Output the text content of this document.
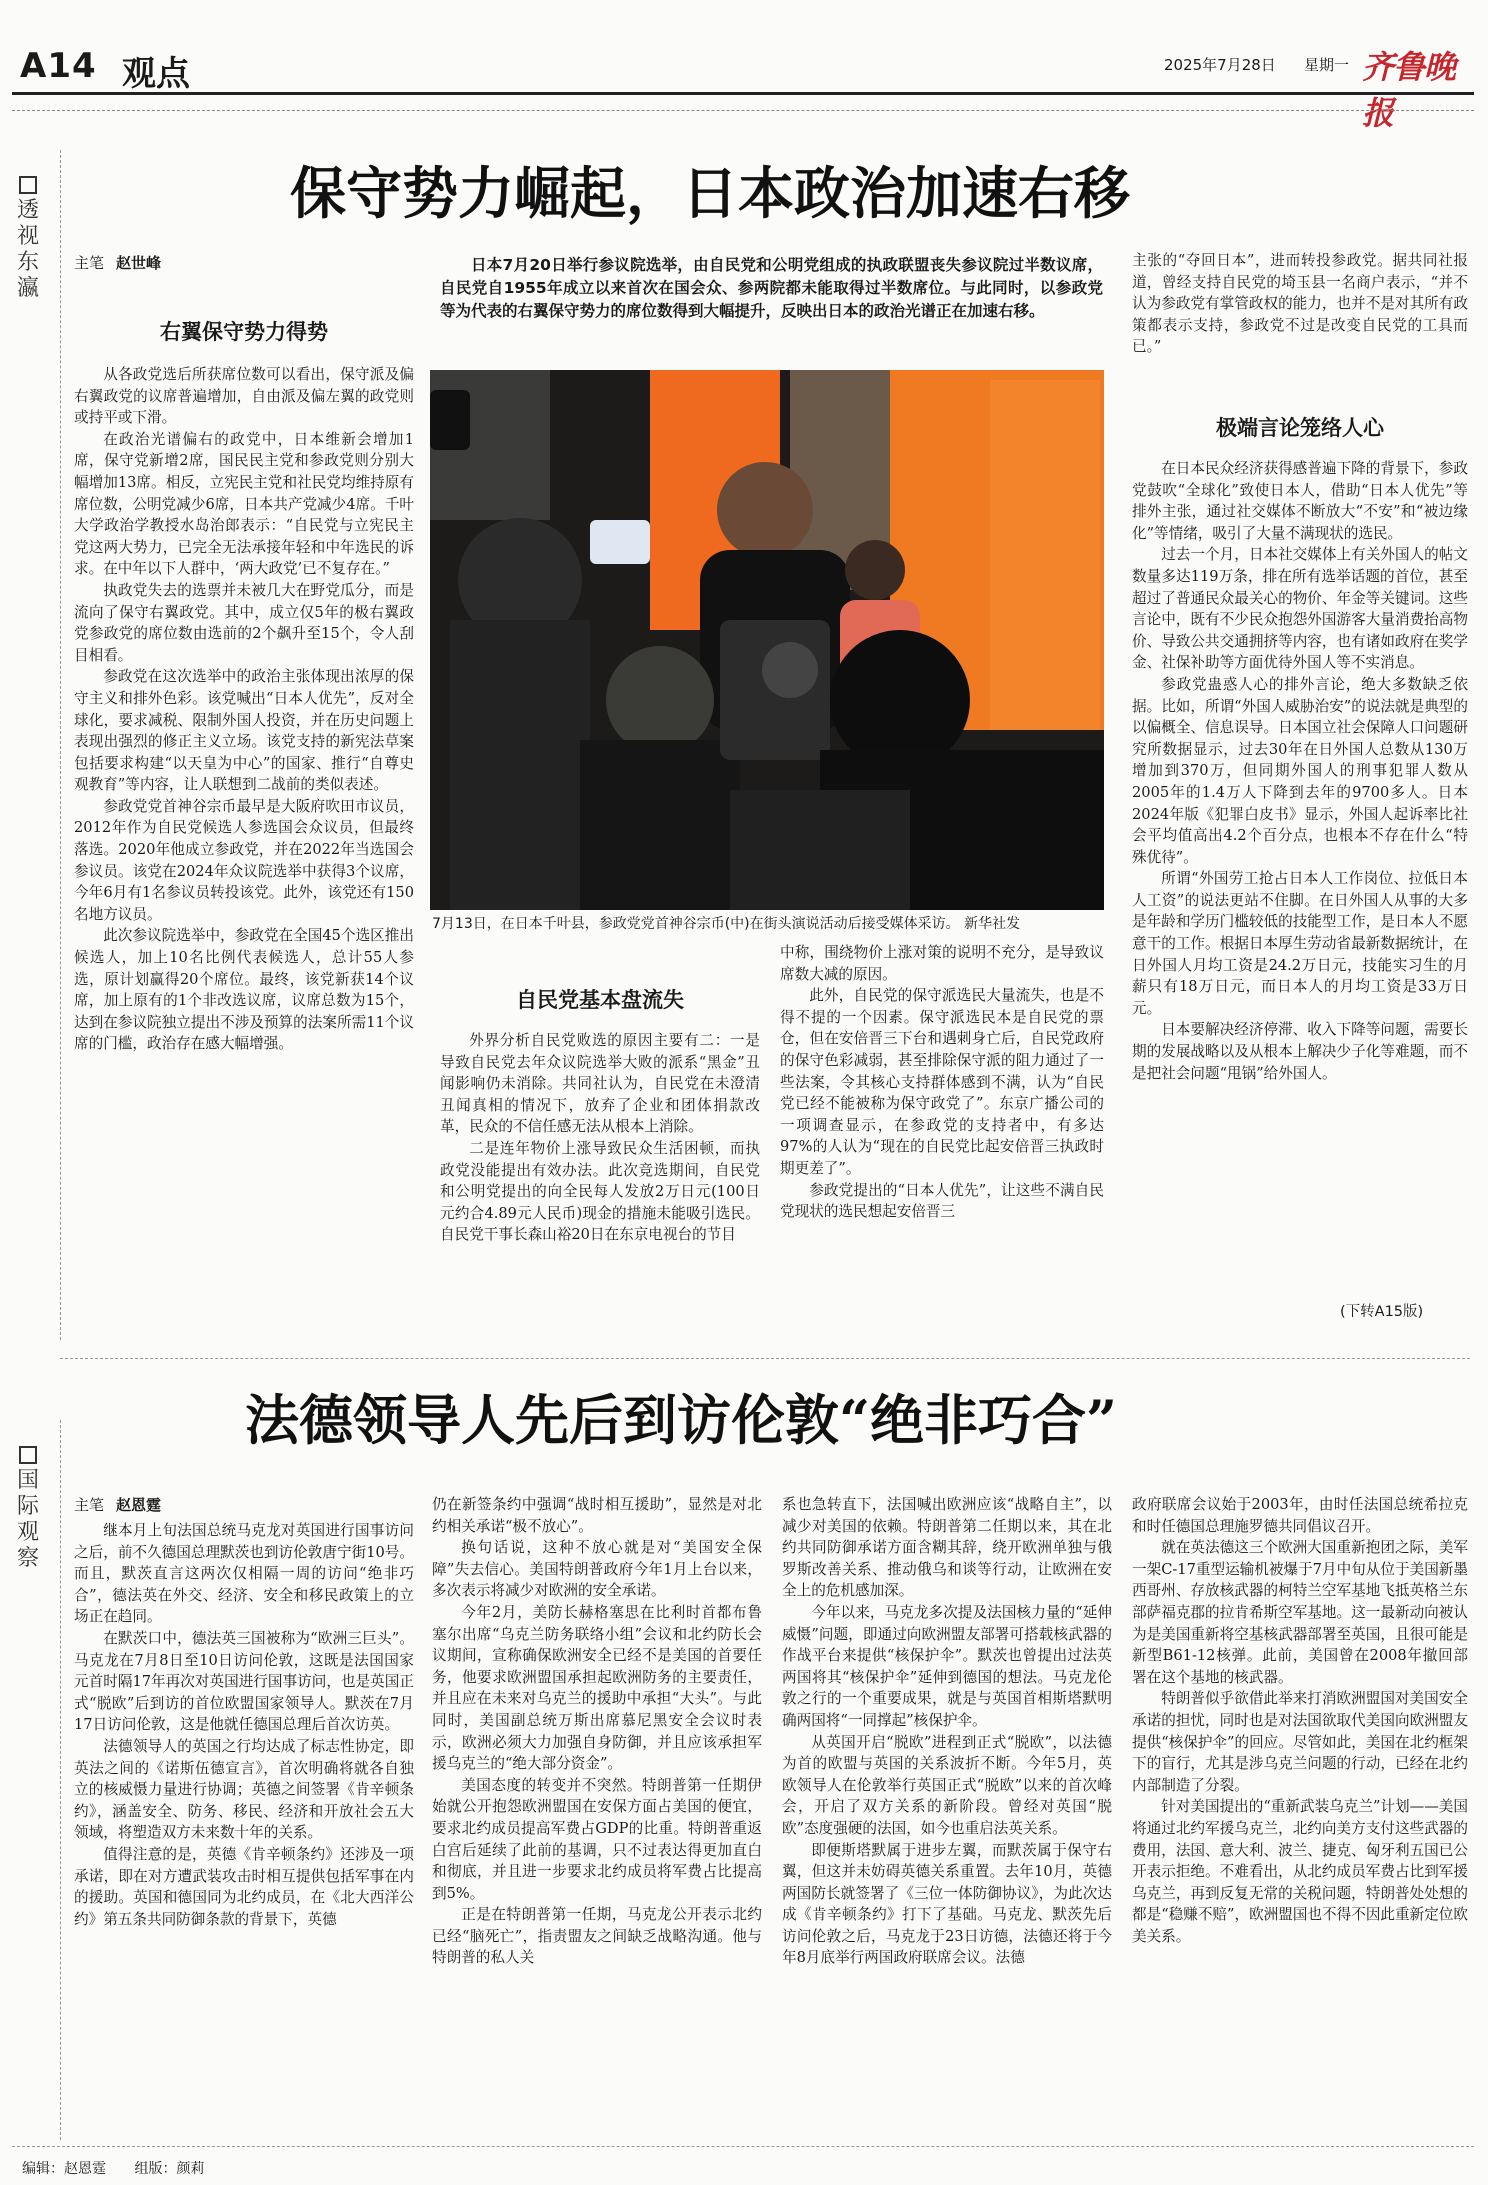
A14 观点	2025年7月28日 星期一 齐鲁晚报
透视东瀛
保守势力崛起，日本政治加速右移
主笔 赵世峰	日本7月20日举行参议院选举，由自民党和公明党组成的执政联盟丧失参议院过半数议席，自民党自1955年成立以来首次在国会众、参两院都未能取得过半数席位。与此同时，以参政党等为代表的右翼保守势力的席位数得到大幅提升，反映出日本的政治光谱正在加速右移。
右翼保守势力得势

从各政党选后所获席位数可以看出，保守派及偏右翼政党的议席普遍增加，自由派及偏左翼的政党则或持平或下滑。

在政治光谱偏右的政党中，日本维新会增加1席，保守党新增2席，国民民主党和参政党则分别大幅增加13席。相反，立宪民主党和社民党均维持原有席位数，公明党减少6席，日本共产党减少4席。千叶大学政治学教授水岛治郎表示：“自民党与立宪民主党这两大势力，已完全无法承接年轻和中年选民的诉求。在中年以下人群中，‘两大政党’已不复存在。”

执政党失去的选票并未被几大在野党瓜分，而是流向了保守右翼政党。其中，成立仅5年的极右翼政党参政党的席位数由选前的2个飙升至15个，令人刮目相看。

参政党在这次选举中的政治主张体现出浓厚的保守主义和排外色彩。该党喊出“日本人优先”，反对全球化，要求减税、限制外国人投资，并在历史问题上表现出强烈的修正主义立场。该党支持的新宪法草案包括要求构建“以天皇为中心”的国家、推行“自尊史观教育”等内容，让人联想到二战前的类似表述。

参政党党首神谷宗币最早是大阪府吹田市议员，2012年作为自民党候选人参选国会众议员，但最终落选。2020年他成立参政党，并在2022年当选国会参议员。该党在2024年众议院选举中获得3个议席，今年6月有1名参议员转投该党。此外，该党还有150名地方议员。

此次参议院选举中，参政党在全国45个选区推出候选人，加上10名比例代表候选人，总计55人参选，原计划赢得20个席位。最终，该党新获14个议席，加上原有的1个非改选议席，议席总数为15个，达到在参议院独立提出不涉及预算的法案所需11个议席的门槛，政治存在感大幅增强。

7月13日，在日本千叶县，参政党党首神谷宗币(中)在街头演说活动后接受媒体采访。 新华社发
自民党基本盘流失

外界分析自民党败选的原因主要有二：一是导致自民党去年众议院选举大败的派系“黑金”丑闻影响仍未消除。共同社认为，自民党在未澄清丑闻真相的情况下，放弃了企业和团体捐款改革，民众的不信任感无法从根本上消除。

二是连年物价上涨导致民众生活困顿，而执政党没能提出有效办法。此次竞选期间，自民党和公明党提出的向全民每人发放2万日元(100日元约合4.89元人民币)现金的措施未能吸引选民。自民党干事长森山裕20日在东京电视台的节目

中称，围绕物价上涨对策的说明不充分，是导致议席数大减的原因。

此外，自民党的保守派选民大量流失，也是不得不提的一个因素。保守派选民本是自民党的票仓，但在安倍晋三下台和遇刺身亡后，自民党政府的保守色彩减弱，甚至排除保守派的阻力通过了一些法案，令其核心支持群体感到不满，认为“自民党已经不能被称为保守政党了”。东京广播公司的一项调查显示，在参政党的支持者中，有多达97%的人认为“现在的自民党比起安倍晋三执政时期更差了”。

参政党提出的“日本人优先”，让这些不满自民党现状的选民想起安倍晋三

主张的“夺回日本”，进而转投参政党。据共同社报道，曾经支持自民党的埼玉县一名商户表示，“并不认为参政党有掌管政权的能力，也并不是对其所有政策都表示支持，参政党不过是改变自民党的工具而已。”

极端言论笼络人心

在日本民众经济获得感普遍下降的背景下，参政党鼓吹“全球化”致使日本人，借助“日本人优先”等排外主张，通过社交媒体不断放大“不安”和“被边缘化”等情绪，吸引了大量不满现状的选民。

过去一个月，日本社交媒体上有关外国人的帖文数量多达119万条，排在所有选举话题的首位，甚至超过了普通民众最关心的物价、年金等关键词。这些言论中，既有不少民众抱怨外国游客大量消费抬高物价、导致公共交通拥挤等内容，也有诸如政府在奖学金、社保补助等方面优待外国人等不实消息。

参政党蛊惑人心的排外言论，绝大多数缺乏依据。比如，所谓“外国人威胁治安”的说法就是典型的以偏概全、信息误导。日本国立社会保障人口问题研究所数据显示，过去30年在日外国人总数从130万增加到370万，但同期外国人的刑事犯罪人数从2005年的1.4万人下降到去年的9700多人。日本2024年版《犯罪白皮书》显示，外国人起诉率比社会平均值高出4.2个百分点，也根本不存在什么“特殊优待”。

所谓“外国劳工抢占日本人工作岗位、拉低日本人工资”的说法更站不住脚。在日外国人从事的大多是年龄和学历门槛较低的技能型工作，是日本人不愿意干的工作。根据日本厚生劳动省最新数据统计，在日外国人月均工资是24.2万日元，技能实习生的月薪只有18万日元，而日本人的月均工资是33万日元。

日本要解决经济停滞、收入下降等问题，需要长期的发展战略以及从根本上解决少子化等难题，而不是把社会问题“甩锅”给外国人。

(下转A15版)
国际观察
法德领导人先后到访伦敦“绝非巧合”
主笔 赵恩霆

继本月上旬法国总统马克龙对英国进行国事访问之后，前不久德国总理默茨也到访伦敦唐宁街10号。而且，默茨直言这两次仅相隔一周的访问“绝非巧合”，德法英在外交、经济、安全和移民政策上的立场正在趋同。

在默茨口中，德法英三国被称为“欧洲三巨头”。马克龙在7月8日至10日访问伦敦，这既是法国国家元首时隔17年再次对英国进行国事访问，也是英国正式“脱欧”后到访的首位欧盟国家领导人。默茨在7月17日访问伦敦，这是他就任德国总理后首次访英。

法德领导人的英国之行均达成了标志性协定，即英法之间的《诺斯伍德宣言》，首次明确将就各自独立的核威慑力量进行协调；英德之间签署《肯辛顿条约》，涵盖安全、防务、移民、经济和开放社会五大领域，将塑造双方未来数十年的关系。

值得注意的是，英德《肯辛顿条约》还涉及一项承诺，即在对方遭武装攻击时相互提供包括军事在内的援助。英国和德国同为北约成员，在《北大西洋公约》第五条共同防御条款的背景下，英德

仍在新签条约中强调“战时相互援助”，显然是对北约相关承诺“极不放心”。

换句话说，这种不放心就是对“美国安全保障”失去信心。美国特朗普政府今年1月上台以来，多次表示将减少对欧洲的安全承诺。

今年2月，美防长赫格塞思在比利时首都布鲁塞尔出席“乌克兰防务联络小组”会议和北约防长会议期间，宣称确保欧洲安全已经不是美国的首要任务，他要求欧洲盟国承担起欧洲防务的主要责任，并且应在未来对乌克兰的援助中承担“大头”。与此同时，美国副总统万斯出席慕尼黑安全会议时表示，欧洲必须大力加强自身防御，并且应该承担军援乌克兰的“绝大部分资金”。

美国态度的转变并不突然。特朗普第一任期伊始就公开抱怨欧洲盟国在安保方面占美国的便宜，要求北约成员提高军费占GDP的比重。特朗普重返白宫后延续了此前的基调，只不过表达得更加直白和彻底，并且进一步要求北约成员将军费占比提高到5%。

正是在特朗普第一任期，马克龙公开表示北约已经“脑死亡”，指责盟友之间缺乏战略沟通。他与特朗普的私人关

系也急转直下，法国喊出欧洲应该“战略自主”，以减少对美国的依赖。特朗普第二任期以来，其在北约共同防御承诺方面含糊其辞，绕开欧洲单独与俄罗斯改善关系、推动俄乌和谈等行动，让欧洲在安全上的危机感加深。

今年以来，马克龙多次提及法国核力量的“延伸威慑”问题，即通过向欧洲盟友部署可搭载核武器的作战平台来提供“核保护伞”。默茨也曾提出过法英两国将其“核保护伞”延伸到德国的想法。马克龙伦敦之行的一个重要成果，就是与英国首相斯塔默明确两国将“一同撑起”核保护伞。

从英国开启“脱欧”进程到正式“脱欧”，以法德为首的欧盟与英国的关系波折不断。今年5月，英欧领导人在伦敦举行英国正式“脱欧”以来的首次峰会，开启了双方关系的新阶段。曾经对英国“脱欧”态度强硬的法国，如今也重启法英关系。

即便斯塔默属于进步左翼，而默茨属于保守右翼，但这并未妨碍英德关系重置。去年10月，英德两国防长就签署了《三位一体防御协议》，为此次达成《肯辛顿条约》打下了基础。马克龙、默茨先后访问伦敦之后，马克龙于23日访德，法德还将于今年8月底举行两国政府联席会议。法德

政府联席会议始于2003年，由时任法国总统希拉克和时任德国总理施罗德共同倡议召开。

就在英法德这三个欧洲大国重新抱团之际，美军一架C-17重型运输机被爆于7月中旬从位于美国新墨西哥州、存放核武器的柯特兰空军基地飞抵英格兰东部萨福克郡的拉肯希斯空军基地。这一最新动向被认为是美国重新将空基核武器部署至英国，且很可能是新型B61-12核弹。此前，美国曾在2008年撤回部署在这个基地的核武器。

特朗普似乎欲借此举来打消欧洲盟国对美国安全承诺的担忧，同时也是对法国欲取代美国向欧洲盟友提供“核保护伞”的回应。尽管如此，美国在北约框架下的盲行，尤其是涉乌克兰问题的行动，已经在北约内部制造了分裂。

针对美国提出的“重新武装乌克兰”计划——美国将通过北约军援乌克兰，北约向美方支付这些武器的费用，法国、意大利、波兰、捷克、匈牙利五国已公开表示拒绝。不难看出，从北约成员军费占比到军援乌克兰，再到反复无常的关税问题，特朗普处处想的都是“稳赚不赔”，欧洲盟国也不得不因此重新定位欧美关系。

编辑：赵恩霆 组版：颜莉
